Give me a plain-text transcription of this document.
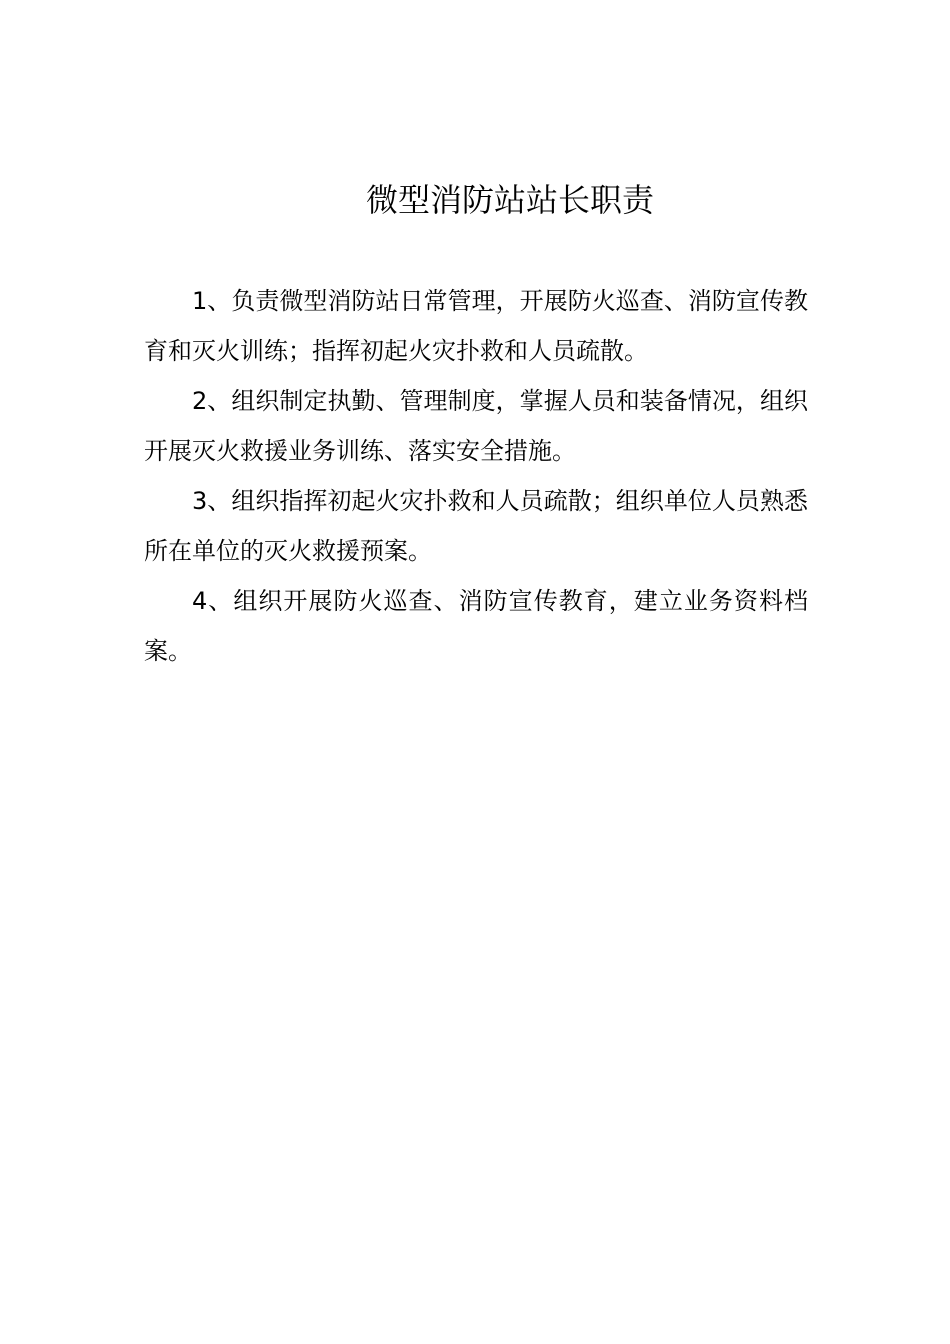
微型消防站站长职责

1、负责微型消防站日常管理，开展防火巡查、消防宣传教育和灭火训练；指挥初起火灾扑救和人员疏散。

2、组织制定执勤、管理制度，掌握人员和装备情况，组织开展灭火救援业务训练、落实安全措施。

3、组织指挥初起火灾扑救和人员疏散；组织单位人员熟悉所在单位的灭火救援预案。

4、组织开展防火巡查、消防宣传教育，建立业务资料档案。
